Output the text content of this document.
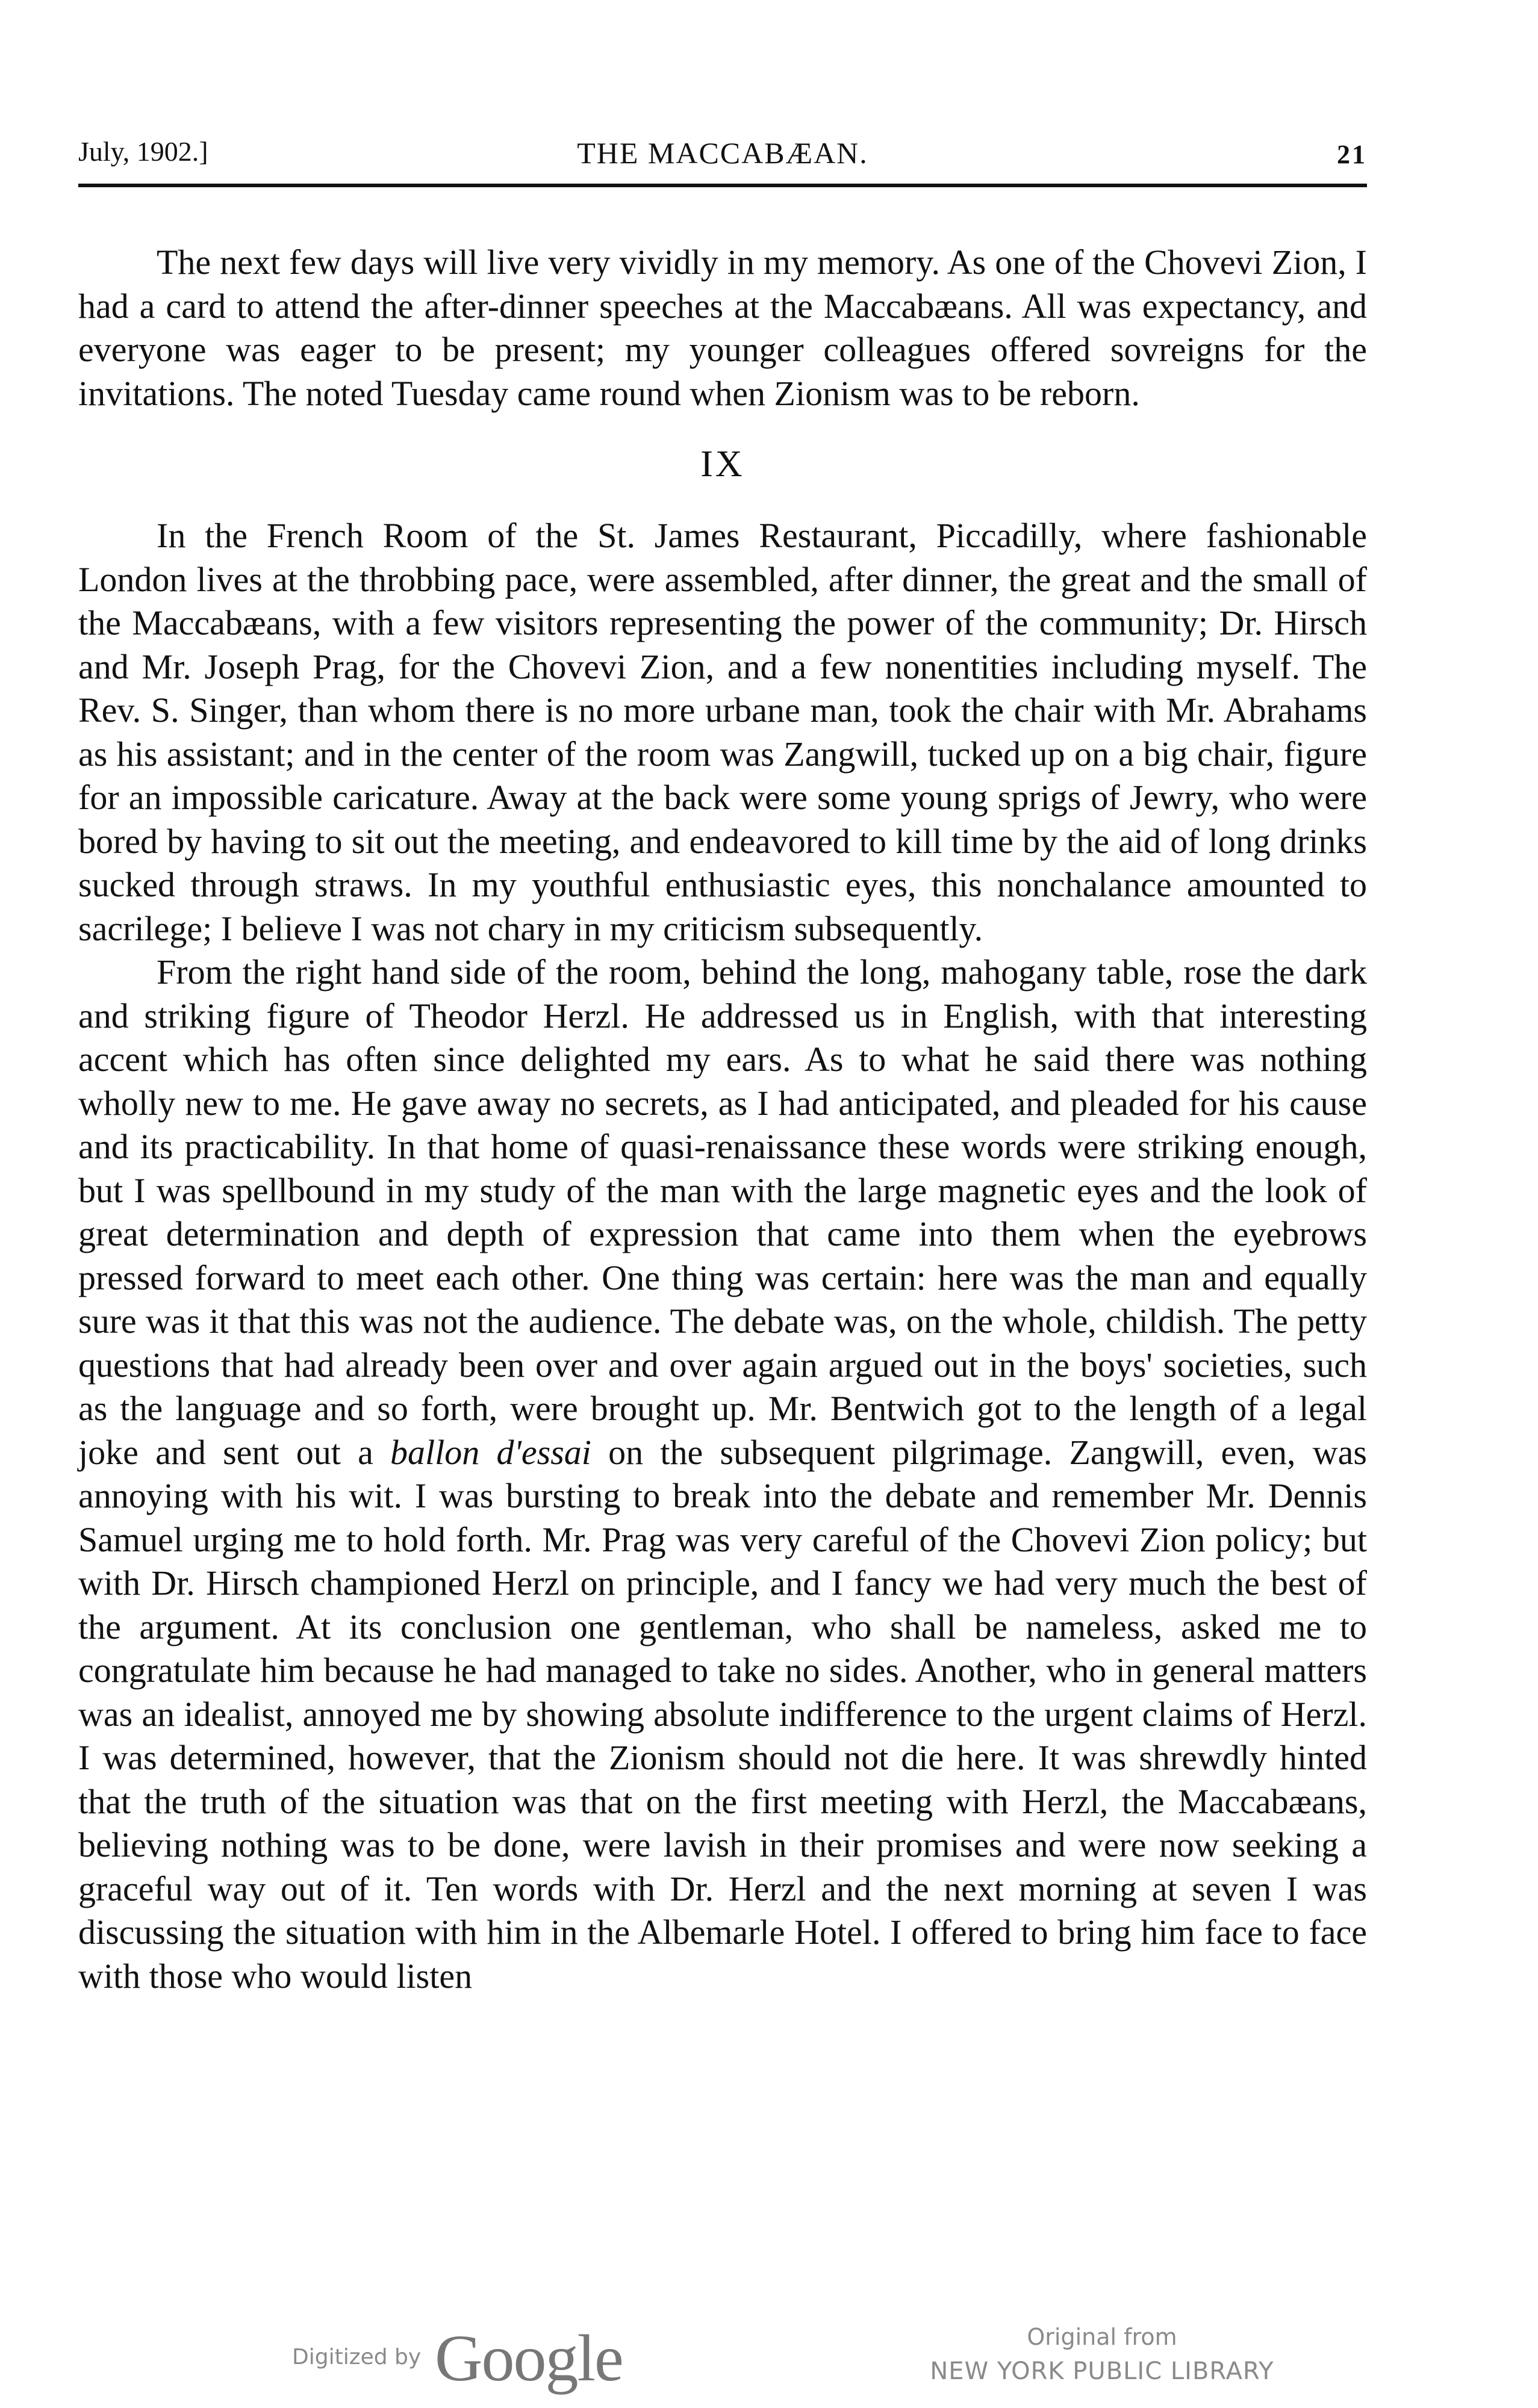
July, 1902.]	THE MACCABÆAN.	21

The next few days will live very vividly in my memory. As one of the Chovevi Zion, I had a card to attend the after-dinner speeches at the Maccabæans. All was expectancy, and everyone was eager to be present; my younger colleagues offered sovreigns for the invitations. The noted Tuesday came round when Zionism was to be reborn.

IX

In the French Room of the St. James Restaurant, Piccadilly, where fashionable London lives at the throbbing pace, were assembled, after dinner, the great and the small of the Maccabæans, with a few visitors representing the power of the community; Dr. Hirsch and Mr. Joseph Prag, for the Chovevi Zion, and a few nonentities including myself. The Rev. S. Singer, than whom there is no more urbane man, took the chair with Mr. Abrahams as his assistant; and in the center of the room was Zangwill, tucked up on a big chair, figure for an impossible caricature. Away at the back were some young sprigs of Jewry, who were bored by having to sit out the meeting, and endeavored to kill time by the aid of long drinks sucked through straws. In my youthful enthusiastic eyes, this nonchalance amounted to sacrilege; I believe I was not chary in my criticism subsequently.

From the right hand side of the room, behind the long, mahogany table, rose the dark and striking figure of Theodor Herzl. He addressed us in English, with that interesting accent which has often since delighted my ears. As to what he said there was nothing wholly new to me. He gave away no secrets, as I had anticipated, and pleaded for his cause and its practicability. In that home of quasi-renaissance these words were striking enough, but I was spellbound in my study of the man with the large magnetic eyes and the look of great determination and depth of expression that came into them when the eyebrows pressed forward to meet each other. One thing was certain: here was the man and equally sure was it that this was not the audience. The debate was, on the whole, childish. The petty questions that had already been over and over again argued out in the boys' societies, such as the language and so forth, were brought up. Mr. Bentwich got to the length of a legal joke and sent out a ballon d'essai on the subsequent pilgrimage. Zangwill, even, was annoying with his wit. I was bursting to break into the debate and remember Mr. Dennis Samuel urging me to hold forth. Mr. Prag was very careful of the Chovevi Zion policy; but with Dr. Hirsch championed Herzl on principle, and I fancy we had very much the best of the argument. At its conclusion one gentleman, who shall be nameless, asked me to congratulate him because he had managed to take no sides. Another, who in general matters was an idealist, annoyed me by showing absolute indifference to the urgent claims of Herzl. I was determined, however, that the Zionism should not die here. It was shrewdly hinted that the truth of the situation was that on the first meeting with Herzl, the Maccabæans, believing nothing was to be done, were lavish in their promises and were now seeking a graceful way out of it. Ten words with Dr. Herzl and the next morning at seven I was discussing the situation with him in the Albemarle Hotel. I offered to bring him face to face with those who would listen

Digitized by Google	Original from
NEW YORK PUBLIC LIBRARY
